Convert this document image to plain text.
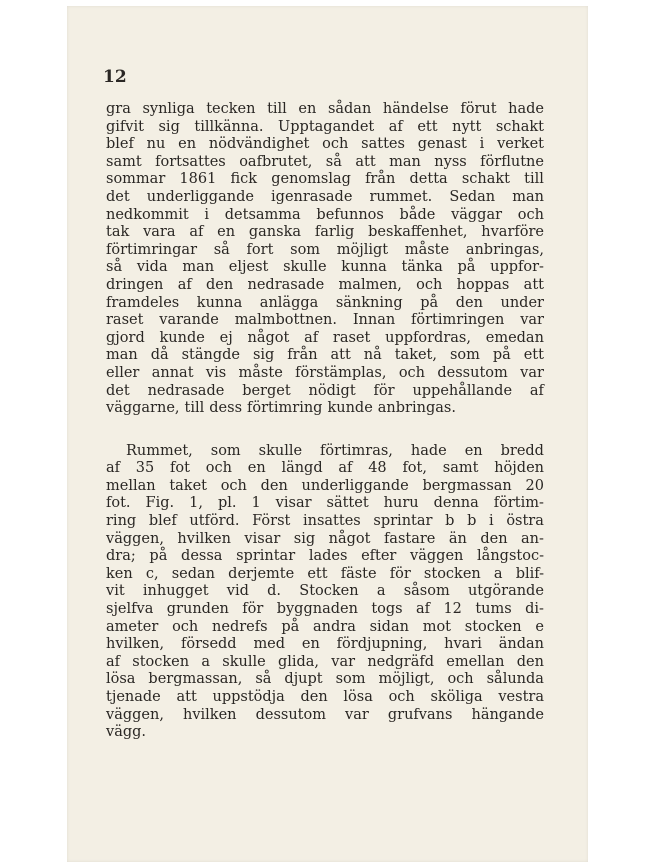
12

gra synliga tecken till en sådan händelse förut hade
gifvit sig tillkänna. Upptagandet af ett nytt schakt
blef nu en nödvändighet och sattes genast i verket
samt fortsattes oafbrutet, så att man nyss förflutne
sommar 1861 fick genomslag från detta schakt till
det underliggande igenrasade rummet. Sedan man
nedkommit i detsamma befunnos både väggar och
tak vara af en ganska farlig beskaffenhet, hvarföre
förtimringar så fort som möjligt måste anbringas,
så vida man eljest skulle kunna tänka på uppfor-
dringen af den nedrasade malmen, och hoppas att
framdeles kunna anlägga sänkning på den under
raset varande malmbottnen. Innan förtimringen var
gjord kunde ej något af raset uppfordras, emedan
man då stängde sig från att nå taket, som på ett
eller annat vis måste förstämplas, och dessutom var
det nedrasade berget nödigt för uppehållande af
väggarne, till dess förtimring kunde anbringas.
Rummet, som skulle förtimras, hade en bredd
af 35 fot och en längd af 48 fot, samt höjden
mellan taket och den underliggande bergmassan 20
fot. Fig. 1, pl. 1 visar sättet huru denna förtim-
ring blef utförd. Först insattes sprintar b b i östra
väggen, hvilken visar sig något fastare än den an-
dra; på dessa sprintar lades efter väggen långstoc-
ken c, sedan derjemte ett fäste för stocken a blif-
vit inhugget vid d. Stocken a såsom utgörande
sjelfva grunden för byggnaden togs af 12 tums di-
ameter och nedrefs på andra sidan mot stocken e
hvilken, försedd med en fördjupning, hvari ändan
af stocken a skulle glida, var nedgräfd emellan den
lösa bergmassan, så djupt som möjligt, och sålunda
tjenade att uppstödja den lösa och sköliga vestra
väggen, hvilken dessutom var grufvans hängande
vägg.
